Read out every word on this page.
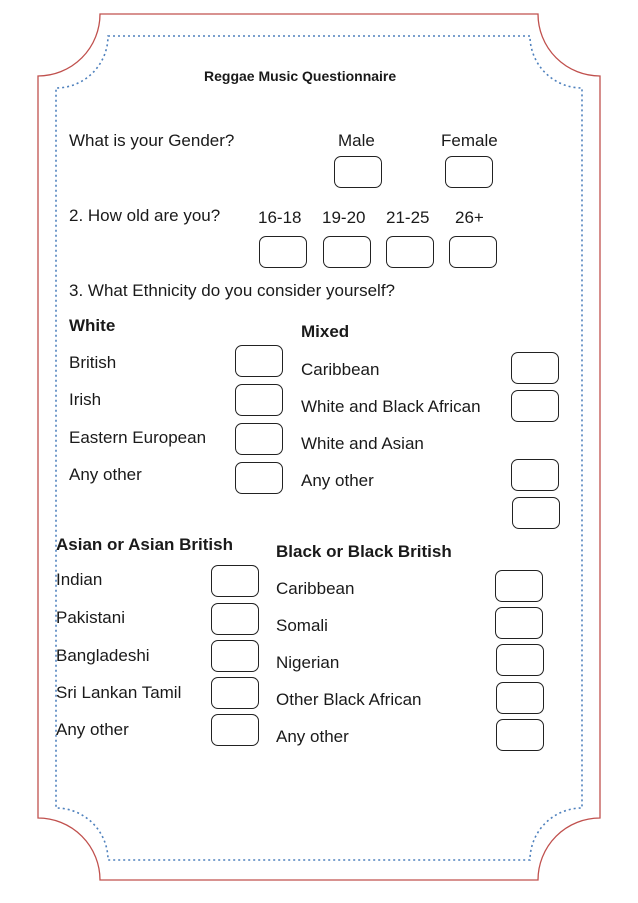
Reggae Music Questionnaire
What is your Gender?	Male	Female
2. How old are you? 16-18 19-20 21-25 26+
3. What Ethnicity do you consider yourself?
White
British
Irish
Eastern European
Any other
Mixed
Caribbean
White and Black African
White and Asian
Any other
Asian or Asian British
Indian
Pakistani
Bangladeshi
Sri Lankan Tamil
Any other
Black or Black British
Caribbean
Somali
Nigerian
Other Black African
Any other
